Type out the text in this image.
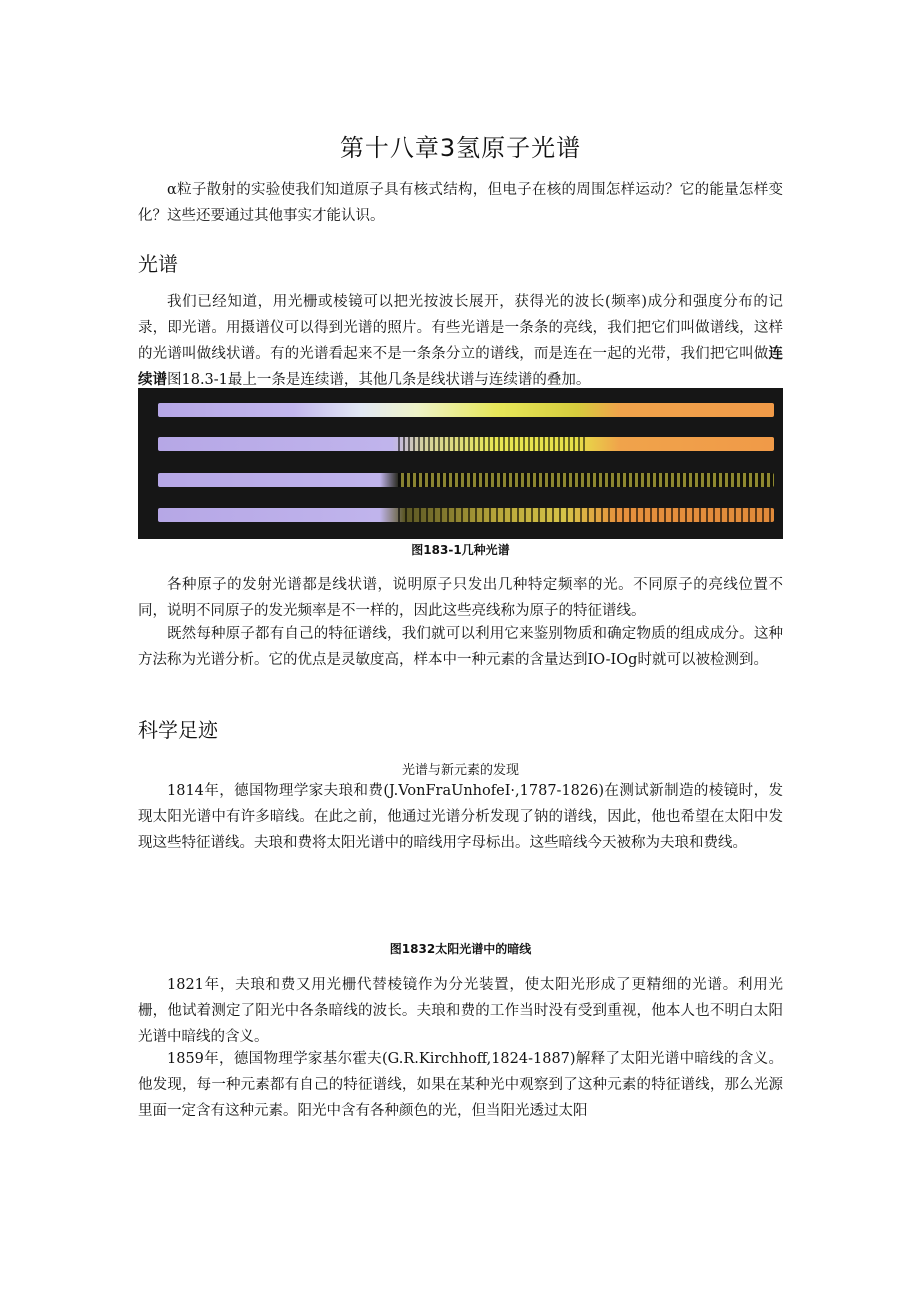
第十八章3氢原子光谱

α粒子散射的实验使我们知道原子具有核式结构，但电子在核的周围怎样运动？它的能量怎样变化？这些还要通过其他事实才能认识。

光谱

我们已经知道，用光栅或棱镜可以把光按波长展开，获得光的波长(频率)成分和强度分布的记录，即光谱。用摄谱仪可以得到光谱的照片。有些光谱是一条条的亮线，我们把它们叫做谱线，这样的光谱叫做线状谱。有的光谱看起来不是一条条分立的谱线，而是连在一起的光带，我们把它叫做连续谱图18.3-1最上一条是连续谱，其他几条是线状谱与连续谱的叠加。

图183-1几种光谱

各种原子的发射光谱都是线状谱，说明原子只发出几种特定频率的光。不同原子的亮线位置不同，说明不同原子的发光频率是不一样的，因此这些亮线称为原子的特征谱线。

既然每种原子都有自己的特征谱线，我们就可以利用它来鉴别物质和确定物质的组成成分。这种方法称为光谱分析。它的优点是灵敏度高，样本中一种元素的含量达到IO-IOg时就可以被检测到。

科学足迹

光谱与新元素的发现

1814年，德国物理学家夫琅和费(J.VonFraUnhofeI·,1787-1826)在测试新制造的棱镜时，发现太阳光谱中有许多暗线。在此之前，他通过光谱分析发现了钠的谱线，因此，他也希望在太阳中发现这些特征谱线。夫琅和费将太阳光谱中的暗线用字母标出。这些暗线今天被称为夫琅和费线。

图1832太阳光谱中的暗线

1821年，夫琅和费又用光栅代替棱镜作为分光装置，使太阳光形成了更精细的光谱。利用光栅，他试着测定了阳光中各条暗线的波长。夫琅和费的工作当时没有受到重视，他本人也不明白太阳光谱中暗线的含义。

1859年，德国物理学家基尔霍夫(G.R.Kirchhoff,1824-1887)解释了太阳光谱中暗线的含义。他发现，每一种元素都有自己的特征谱线，如果在某种光中观察到了这种元素的特征谱线，那么光源里面一定含有这种元素。阳光中含有各种颜色的光，但当阳光透过太阳
